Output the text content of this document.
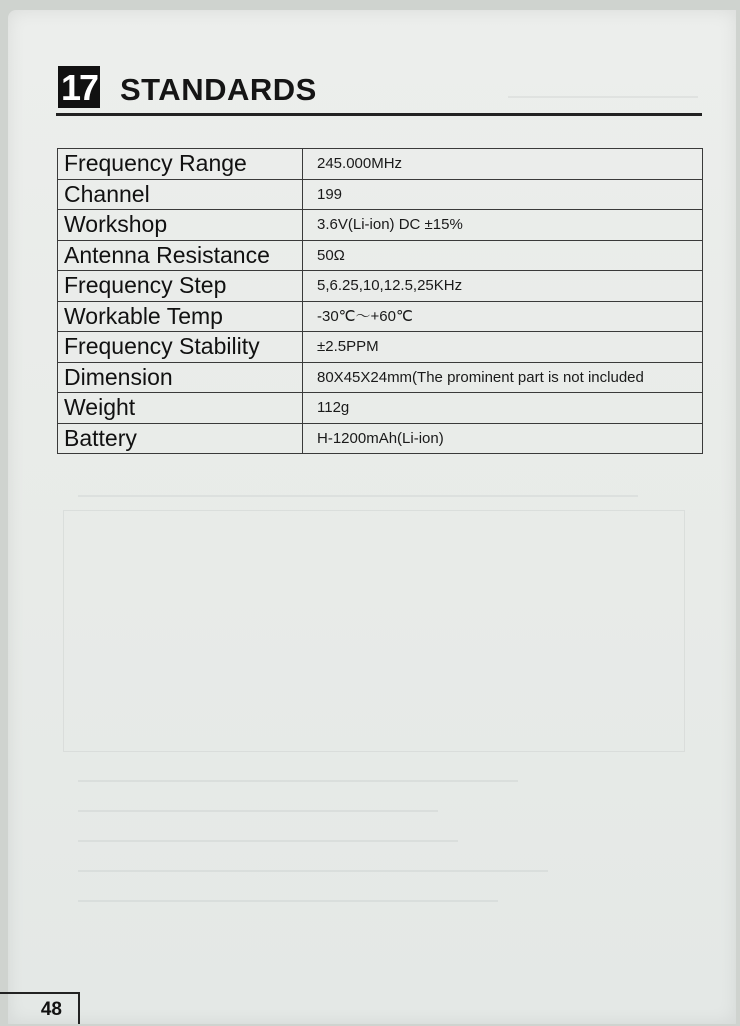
17 STANDARDS
Frequency Range	245.000MHz
Channel	199
Workshop	3.6V(Li-ion) DC ±15%
Antenna Resistance	50Ω
Frequency Step	5,6.25,10,12.5,25KHz
Workable Temp	-30℃～+60℃
Frequency Stability	±2.5PPM
Dimension	80X45X24mm(The prominent part is not included
Weight	112g
Battery	H-1200mAh(Li-ion)
48
